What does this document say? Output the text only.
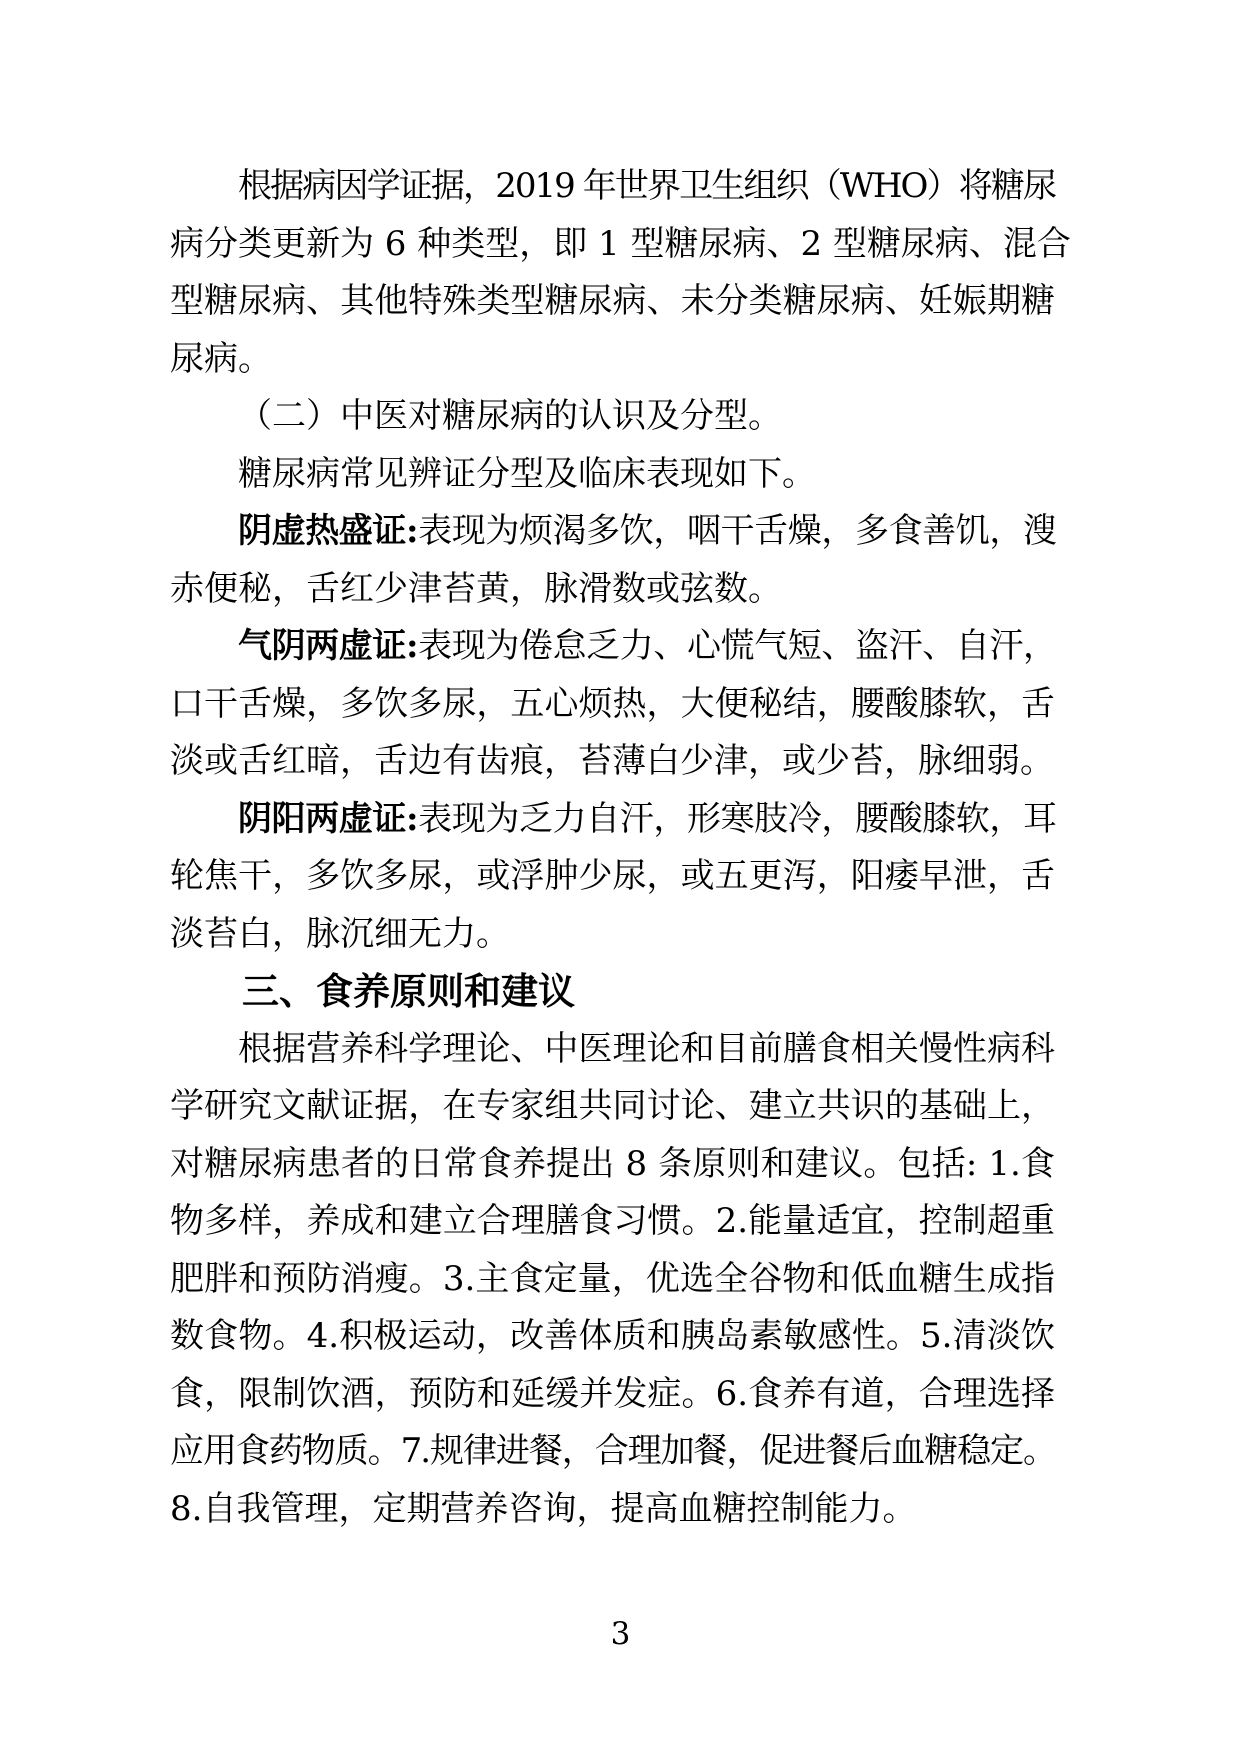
根据病因学证据，2019 年世界卫生组织（WHO）将糖尿
病分类更新为 6 种类型，即 1 型糖尿病、2 型糖尿病、混合
型糖尿病、其他特殊类型糖尿病、未分类糖尿病、妊娠期糖
尿病。
（二）中医对糖尿病的认识及分型。
糖尿病常见辨证分型及临床表现如下。
阴虚热盛证:表现为烦渴多饮，咽干舌燥，多食善饥，溲
赤便秘，舌红少津苔黄，脉滑数或弦数。
气阴两虚证:表现为倦怠乏力、心慌气短、盗汗、自汗，
口干舌燥，多饮多尿，五心烦热，大便秘结，腰酸膝软，舌
淡或舌红暗，舌边有齿痕，苔薄白少津，或少苔，脉细弱。
阴阳两虚证:表现为乏力自汗，形寒肢冷，腰酸膝软，耳
轮焦干，多饮多尿，或浮肿少尿，或五更泻，阳痿早泄，舌
淡苔白，脉沉细无力。
三、食养原则和建议
根据营养科学理论、中医理论和目前膳食相关慢性病科
学研究文献证据，在专家组共同讨论、建立共识的基础上，
对糖尿病患者的日常食养提出 8 条原则和建议。包括: 1.食
物多样，养成和建立合理膳食习惯。2.能量适宜，控制超重
肥胖和预防消瘦。3.主食定量，优选全谷物和低血糖生成指
数食物。4.积极运动，改善体质和胰岛素敏感性。5.清淡饮
食，限制饮酒，预防和延缓并发症。6.食养有道，合理选择
应用食药物质。7.规律进餐，合理加餐，促进餐后血糖稳定。
8.自我管理，定期营养咨询，提高血糖控制能力。
3
